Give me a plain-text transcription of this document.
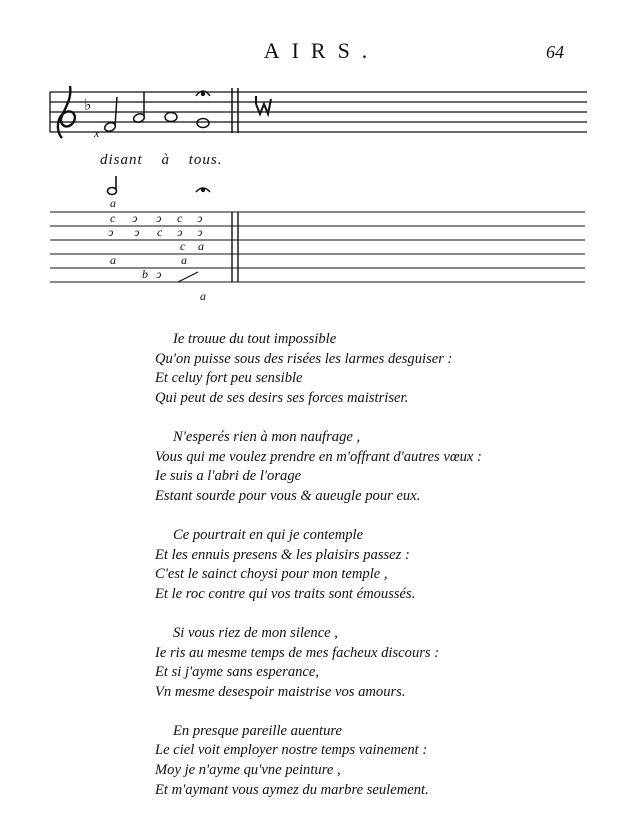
AIRS.	64
♭
x
a
c ↄ ↄ c ↄ
ↄ ↄ c ↄ ↄ
c a
a	a
b ↄ
a
disant à tous.
Ie trouue du tout impossible
Qu'on puisse sous des risées les larmes desguiser :
Et celuy fort peu sensible
Qui peut de ses desirs ses forces maistriser.
N'esperés rien à mon naufrage ,
Vous qui me voulez prendre en m'offrant d'autres vœux :
Ie suis a l'abri de l'orage
Estant sourde pour vous & aueugle pour eux.
Ce pourtrait en qui je contemple
Et les ennuis presens & les plaisirs passez :
C'est le sainct choysi pour mon temple ,
Et le roc contre qui vos traits sont émoussés.
Si vous riez de mon silence ,
Ie ris au mesme temps de mes facheux discours :
Et si j'ayme sans esperance,
Vn mesme desespoir maistrise vos amours.
En presque pareille auenture
Le ciel voit employer nostre temps vainement :
Moy je n'ayme qu'vne peinture ,
Et m'aymant vous aymez du marbre seulement.
